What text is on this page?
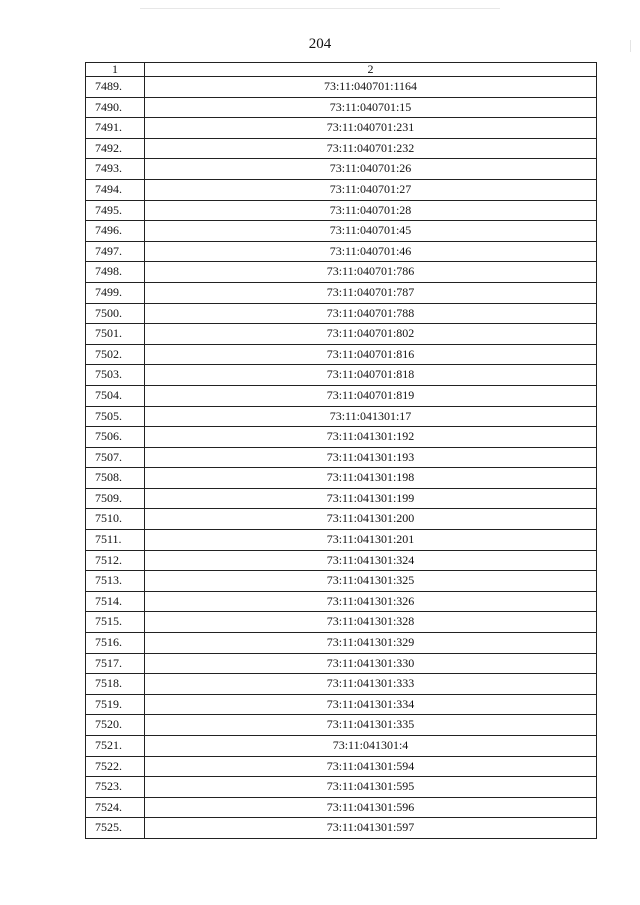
204
1	2
7489.	73:11:040701:1164
7490.	73:11:040701:15
7491.	73:11:040701:231
7492.	73:11:040701:232
7493.	73:11:040701:26
7494.	73:11:040701:27
7495.	73:11:040701:28
7496.	73:11:040701:45
7497.	73:11:040701:46
7498.	73:11:040701:786
7499.	73:11:040701:787
7500.	73:11:040701:788
7501.	73:11:040701:802
7502.	73:11:040701:816
7503.	73:11:040701:818
7504.	73:11:040701:819
7505.	73:11:041301:17
7506.	73:11:041301:192
7507.	73:11:041301:193
7508.	73:11:041301:198
7509.	73:11:041301:199
7510.	73:11:041301:200
7511.	73:11:041301:201
7512.	73:11:041301:324
7513.	73:11:041301:325
7514.	73:11:041301:326
7515.	73:11:041301:328
7516.	73:11:041301:329
7517.	73:11:041301:330
7518.	73:11:041301:333
7519.	73:11:041301:334
7520.	73:11:041301:335
7521.	73:11:041301:4
7522.	73:11:041301:594
7523.	73:11:041301:595
7524.	73:11:041301:596
7525.	73:11:041301:597
